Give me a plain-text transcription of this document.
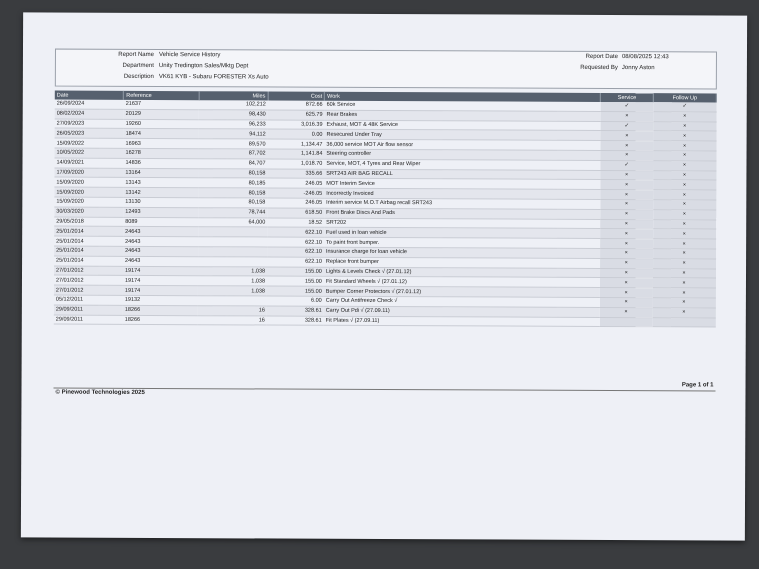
Report Name Vehicle Service History
Department Unity Tredington Sales/Mktg Dept
Description VK61 KYB - Subaru FORESTER Xs Auto
Report Date 08/08/2025 12:43
Requested By Jonny Aston
Date	Reference	Miles	Cost	Work	Service	Follow Up
26/09/2024	21637	102,212	872.66	60k Service	✓	✓
08/02/2024	20129	98,430	625.79	Rear Brakes	×	×
27/09/2023	19260	96,233	3,016.39	Exhaust, MOT & 48K Service	✓	×
26/05/2023	18474	94,112	0.00	Resecured Under Tray	×	×
15/09/2022	16963	89,570	1,134.47	36,000 service MOT Air flow sensor	×	×
10/05/2022	16278	87,702	1,141.84	Steering controller	×	×
14/09/2021	14836	84,707	1,018.70	Service, MOT, 4 Tyres and Rear Wiper	✓	×
17/09/2020	13164	80,158	335.66	SRT243 AIR BAG RECALL	×	×
15/09/2020	13143	80,185	246.05	MOT Interim Sevice	×	×
15/09/2020	13142	80,158	-246.05	Incorrectly Invoiced	×	×
15/09/2020	13130	80,158	246.05	Interim service M.O.T Airbag recall SRT243	×	×
30/03/2020	12493	78,744	618.50	Front Brake Discs And Pads	×	×
29/05/2018	8089	64,000	18.52	SRT202	×	×
25/01/2014	24643		622.10	Fuel used in loan vehicle	×	×
25/01/2014	24643		622.10	To paint front bumper.	×	×
25/01/2014	24643		622.10	Insurance charge for loan vehicle	×	×
25/01/2014	24643		622.10	Replace front bumper	×	×
27/01/2012	19174	1,038	155.00	Lights & Levels Check √ (27.01.12)	×	×
27/01/2012	19174	1,038	155.00	Fit Standard Wheels √ (27.01.12)	×	×
27/01/2012	19174	1,038	155.00	Bumper Corner Protectors √ (27.01.12)	×	×
05/12/2011	19132		6.00	Carry Out Antifreeze Check √	×	×
29/09/2011	18266	16	328.61	Carry Out Pdi √ (27.09.11)	×	×
29/09/2011	18266	16	328.61	Fit Plates √ (27.09.11)		
© Pinewood Technologies 2025
Page 1 of 1
